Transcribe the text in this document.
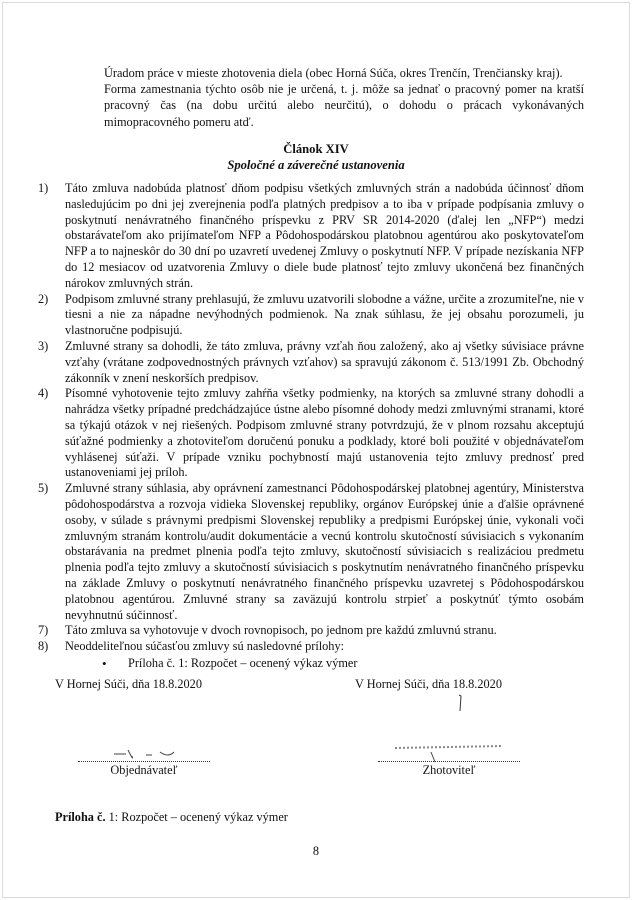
Úradom práce v mieste zhotovenia diela (obec Horná Súča, okres Trenčín, Trenčiansky kraj).
Forma zamestnania týchto osôb nie je určená, t. j. môže sa jednať o pracovný pomer na kratší pracovný čas (na dobu určitú alebo neurčitú), o dohodu o prácach vykonávaných mimopracovného pomeru atď.
Článok XIV
Spoločné a záverečné ustanovenia
1)	Táto zmluva nadobúda platnosť dňom podpisu všetkých zmluvných strán a nadobúda účinnosť dňom nasledujúcim po dni jej zverejnenia podľa platných predpisov a to iba v prípade podpísania zmluvy o poskytnutí nenávratného finančného príspevku z PRV SR 2014-2020 (ďalej len „NFP“) medzi obstarávateľom ako prijímateľom NFP a Pôdohospodárskou platobnou agentúrou ako poskytovateľom NFP a to najneskôr do 30 dní po uzavretí uvedenej Zmluvy o poskytnutí NFP. V prípade nezískania NFP do 12 mesiacov od uzatvorenia Zmluvy o diele bude platnosť tejto zmluvy ukončená bez finančných nárokov zmluvných strán.
2)	Podpisom zmluvné strany prehlasujú, že zmluvu uzatvorili slobodne a vážne, určite a zrozumiteľne, nie v tiesni a nie za nápadne nevýhodných podmienok. Na znak súhlasu, že jej obsahu porozumeli, ju vlastnoručne podpisujú.
3)	Zmluvné strany sa dohodli, že táto zmluva, právny vzťah ňou založený, ako aj všetky súvisiace právne vzťahy (vrátane zodpovednostných právnych vzťahov) sa spravujú zákonom č. 513/1991 Zb. Obchodný zákonník v znení neskorších predpisov.
4)	Písomné vyhotovenie tejto zmluvy zahŕňa všetky podmienky, na ktorých sa zmluvné strany dohodli a nahrádza všetky prípadné predchádzajúce ústne alebo písomné dohody medzi zmluvnými stranami, ktoré sa týkajú otázok v nej riešených. Podpisom zmluvné strany potvrdzujú, že v plnom rozsahu akceptujú súťažné podmienky a zhotoviteľom doručenú ponuku a podklady, ktoré boli použité v objednávateľom vyhlásenej súťaži. V prípade vzniku pochybností majú ustanovenia tejto zmluvy prednosť pred ustanoveniami jej príloh.
5)	Zmluvné strany súhlasia, aby oprávnení zamestnanci Pôdohospodárskej platobnej agentúry, Ministerstva pôdohospodárstva a rozvoja vidieka Slovenskej republiky, orgánov Európskej únie a ďalšie oprávnené osoby, v súlade s právnymi predpismi Slovenskej republiky a predpismi Európskej únie, vykonali voči zmluvným stranám kontrolu/audit dokumentácie a vecnú kontrolu skutočností súvisiacich s vykonaním obstarávania na predmet plnenia podľa tejto zmluvy, skutočností súvisiacich s realizáciou predmetu plnenia podľa tejto zmluvy a skutočností súvisiacich s poskytnutím nenávratného finančného príspevku na základe Zmluvy o poskytnutí nenávratného finančného príspevku uzavretej s Pôdohospodárskou platobnou agentúrou. Zmluvné strany sa zaväzujú kontrolu strpieť a poskytnúť týmto osobám nevyhnutnú súčinnosť.
7)	Táto zmluva sa vyhotovuje v dvoch rovnopisoch, po jednom pre každú zmluvnú stranu.
8)	Neoddeliteľnou súčasťou zmluvy sú nasledovné prílohy:
•	Príloha č. 1: Rozpočet – ocenený výkaz výmer
V Hornej Súči, dňa 18.8.2020	V Hornej Súči, dňa 18.8.2020
Objednávateľ	Zhotoviteľ
Príloha č. 1: Rozpočet – ocenený výkaz výmer
8
